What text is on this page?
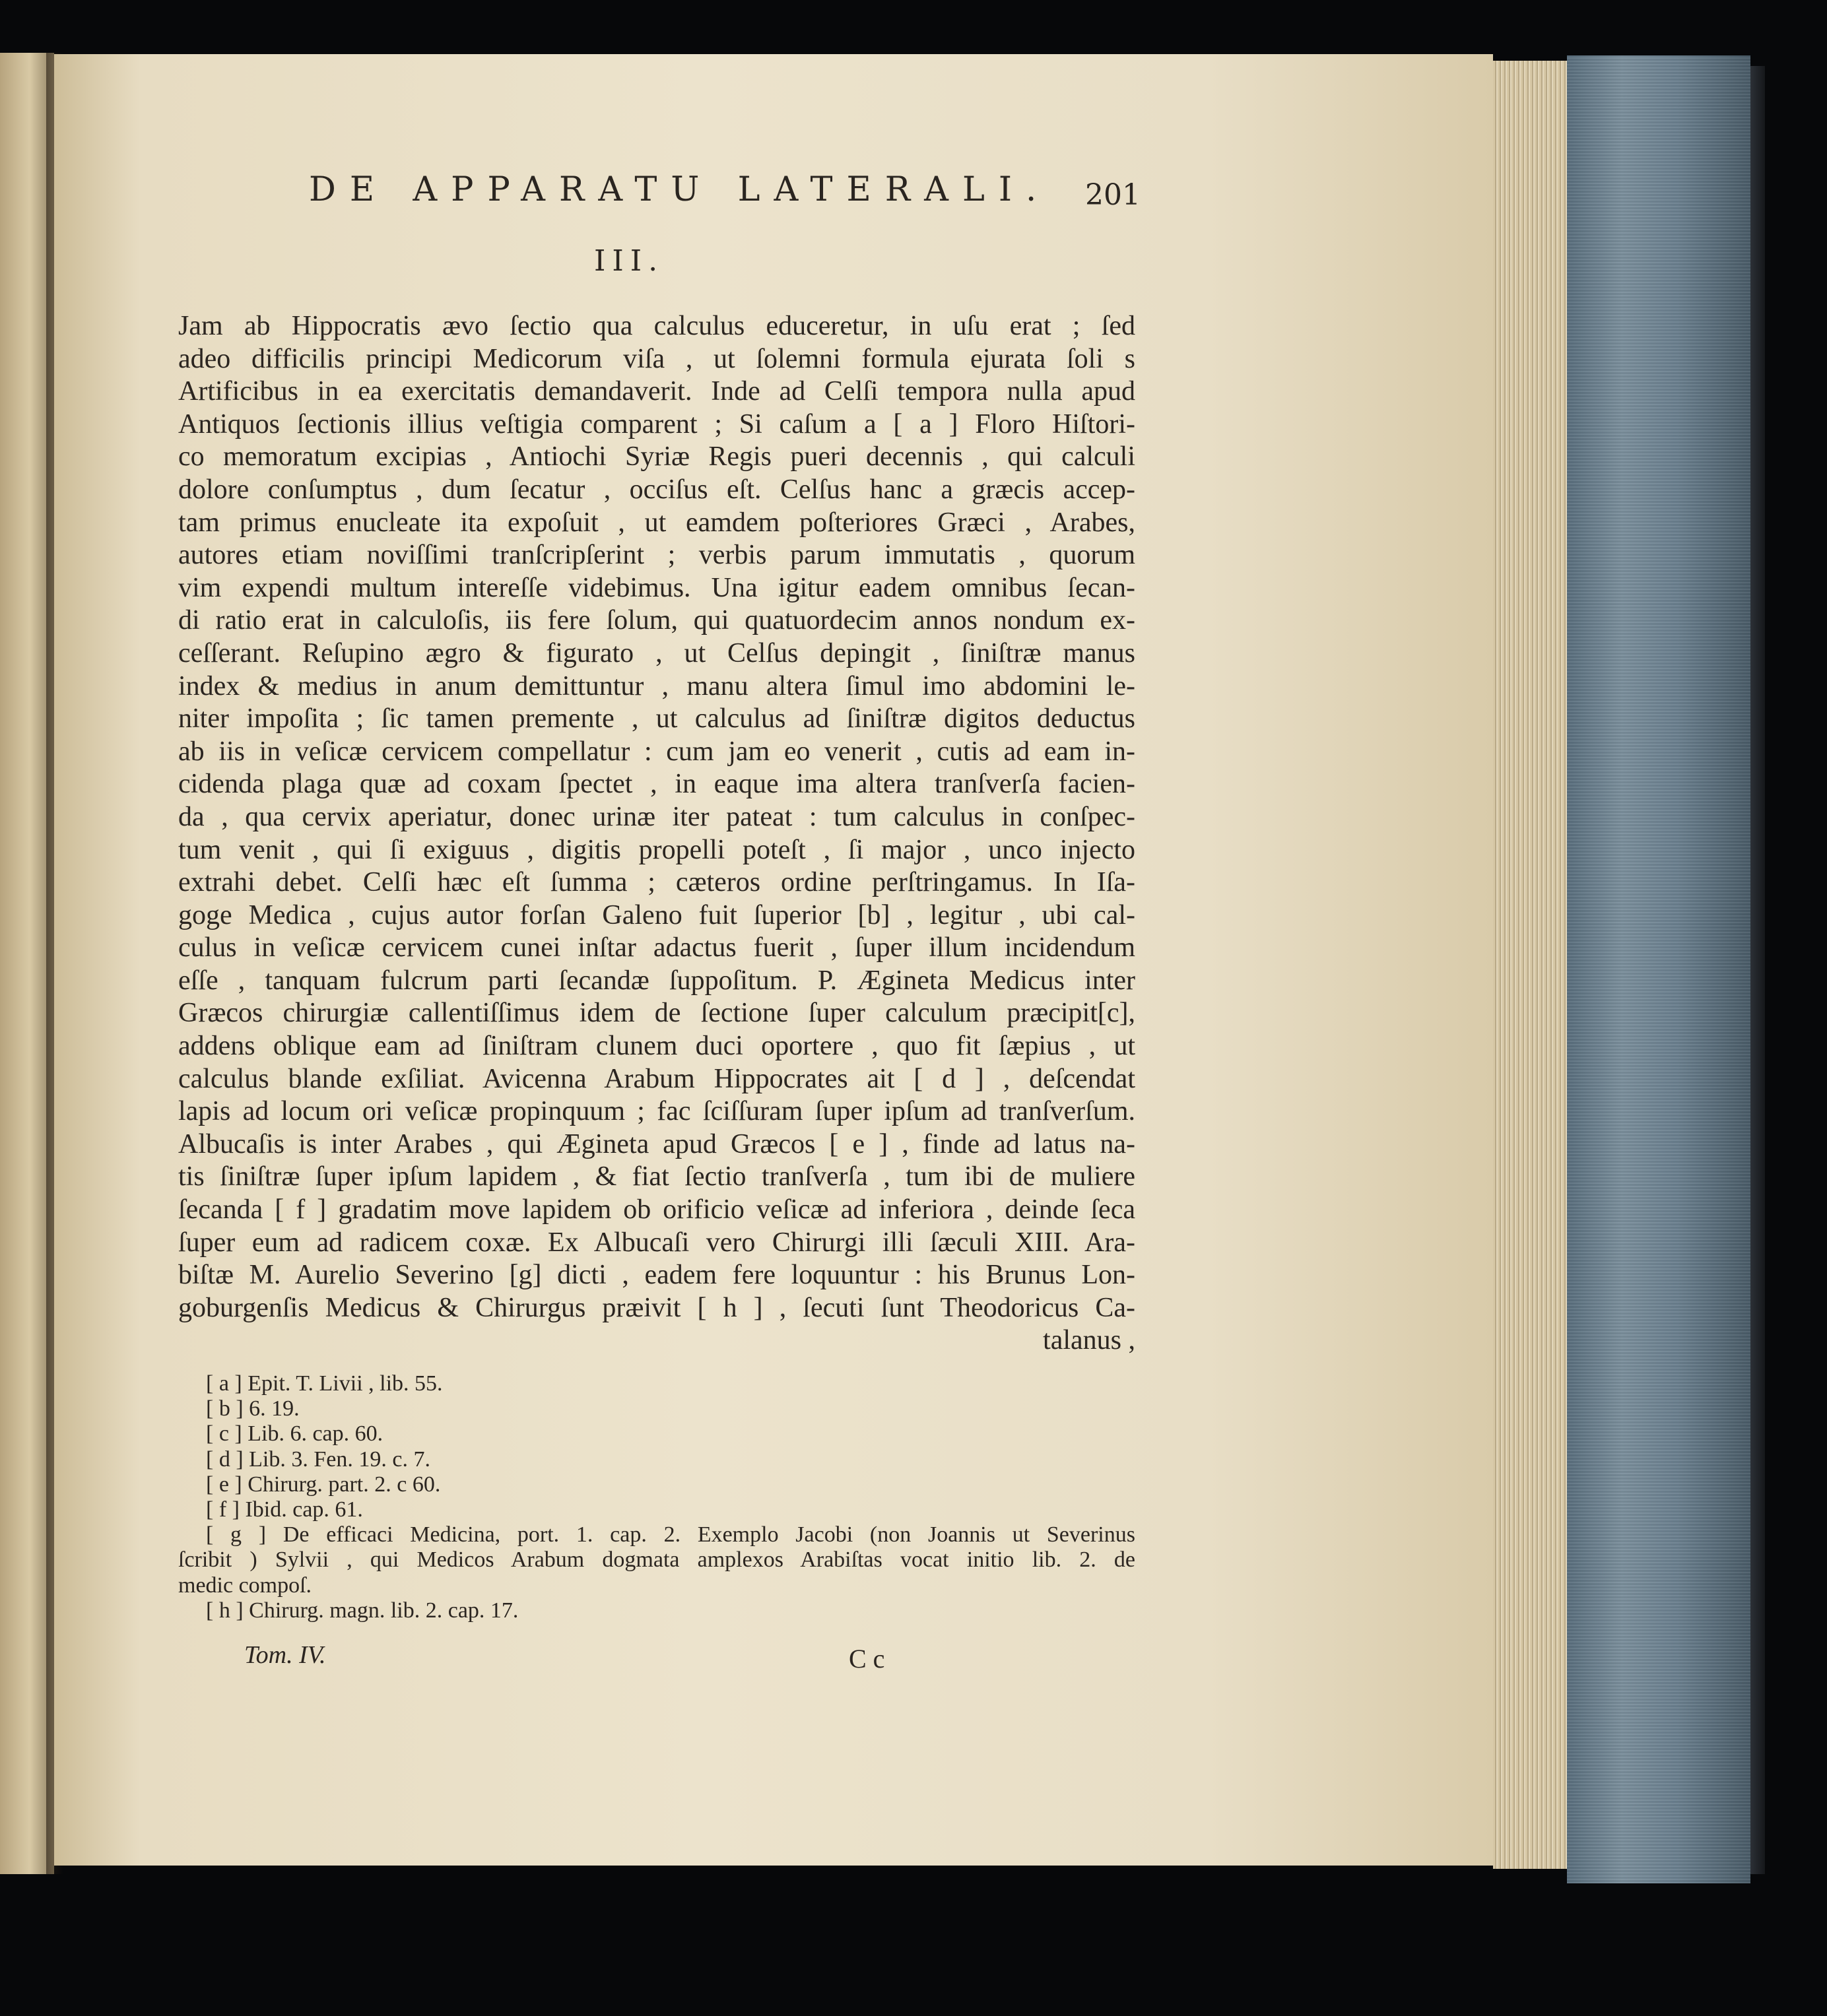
DE APPARATU LATERALI.	201
III.
Jam ab Hippocratis ævo ſectio qua calculus educeretur, in uſu erat ; ſed
adeo difficilis principi Medicorum viſa , ut ſolemni formula ejurata ſoli s
Artificibus in ea exercitatis demandaverit. Inde ad Celſi tempora nulla apud
Antiquos ſectionis illius veſtigia comparent ; Si caſum a [ a ] Floro Hiſtori-
co memoratum excipias , Antiochi Syriæ Regis pueri decennis , qui calculi
dolore conſumptus , dum ſecatur , occiſus eſt. Celſus hanc a græcis accep-
tam primus enucleate ita expoſuit , ut eamdem poſteriores Græci , Arabes,
autores etiam noviſſimi tranſcripſerint ; verbis parum immutatis , quorum
vim expendi multum intereſſe videbimus. Una igitur eadem omnibus ſecan-
di ratio erat in calculoſis, iis fere ſolum, qui quatuordecim annos nondum ex-
ceſſerant. Reſupino ægro & figurato , ut Celſus depingit , ſiniſtræ manus
index & medius in anum demittuntur , manu altera ſimul imo abdomini le-
niter impoſita ; ſic tamen premente , ut calculus ad ſiniſtræ digitos deductus
ab iis in veſicæ cervicem compellatur : cum jam eo venerit , cutis ad eam in-
cidenda plaga quæ ad coxam ſpectet , in eaque ima altera tranſverſa facien-
da , qua cervix aperiatur, donec urinæ iter pateat : tum calculus in conſpec-
tum venit , qui ſi exiguus , digitis propelli poteſt , ſi major , unco injecto
extrahi debet. Celſi hæc eſt ſumma ; cæteros ordine perſtringamus. In Iſa-
goge Medica , cujus autor forſan Galeno fuit ſuperior [b] , legitur , ubi cal-
culus in veſicæ cervicem cunei inſtar adactus fuerit , ſuper illum incidendum
eſſe , tanquam fulcrum parti ſecandæ ſuppoſitum. P. Ægineta Medicus inter
Græcos chirurgiæ callentiſſimus idem de ſectione ſuper calculum præcipit[c],
addens oblique eam ad ſiniſtram clunem duci oportere , quo fit ſæpius , ut
calculus blande exſiliat. Avicenna Arabum Hippocrates ait [ d ] , deſcendat
lapis ad locum ori veſicæ propinquum ; fac ſciſſuram ſuper ipſum ad tranſverſum.
Albucaſis is inter Arabes , qui Ægineta apud Græcos [ e ] , finde ad latus na-
tis ſiniſtræ ſuper ipſum lapidem , & fiat ſectio tranſverſa , tum ibi de muliere
ſecanda [ f ] gradatim move lapidem ob orificio veſicæ ad inferiora , deinde ſeca
ſuper eum ad radicem coxæ. Ex Albucaſi vero Chirurgi illi ſæculi XIII. Ara-
biſtæ M. Aurelio Severino [g] dicti , eadem fere loquuntur : his Brunus Lon-
goburgenſis Medicus & Chirurgus præivit [ h ] , ſecuti ſunt Theodoricus Ca-
talanus ,
[ a ] Epit. T. Livii , lib. 55.
[ b ] 6. 19.
[ c ] Lib. 6. cap. 60.
[ d ] Lib. 3. Fen. 19. c. 7.
[ e ] Chirurg. part. 2. c 60.
[ f ] Ibid. cap. 61.
[ g ] De efficaci Medicina, port. 1. cap. 2. Exemplo Jacobi (non Joannis ut Severinus
ſcribit ) Sylvii , qui Medicos Arabum dogmata amplexos Arabiſtas vocat initio lib. 2. de
medic compoſ.
[ h ] Chirurg. magn. lib. 2. cap. 17.
Tom. IV.	C c
